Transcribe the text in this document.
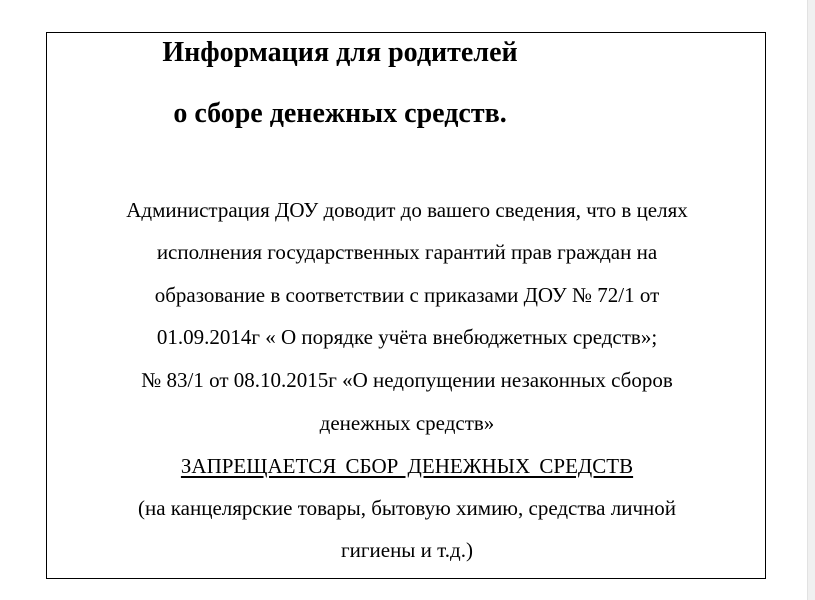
Информация для родителей
о сборе денежных средств.

Администрация ДОУ доводит до вашего сведения, что в целях

исполнения государственных гарантий прав граждан на

образование в соответствии с приказами ДОУ № 72/1 от

01.09.2014г « О порядке учёта внебюджетных средств»;

№ 83/1 от 08.10.2015г «О недопущении незаконных сборов

денежных средств»

ЗАПРЕЩАЕТСЯ СБОР ДЕНЕЖНЫХ СРЕДСТВ

(на канцелярские товары, бытовую химию, средства личной

гигиены и т.д.)
